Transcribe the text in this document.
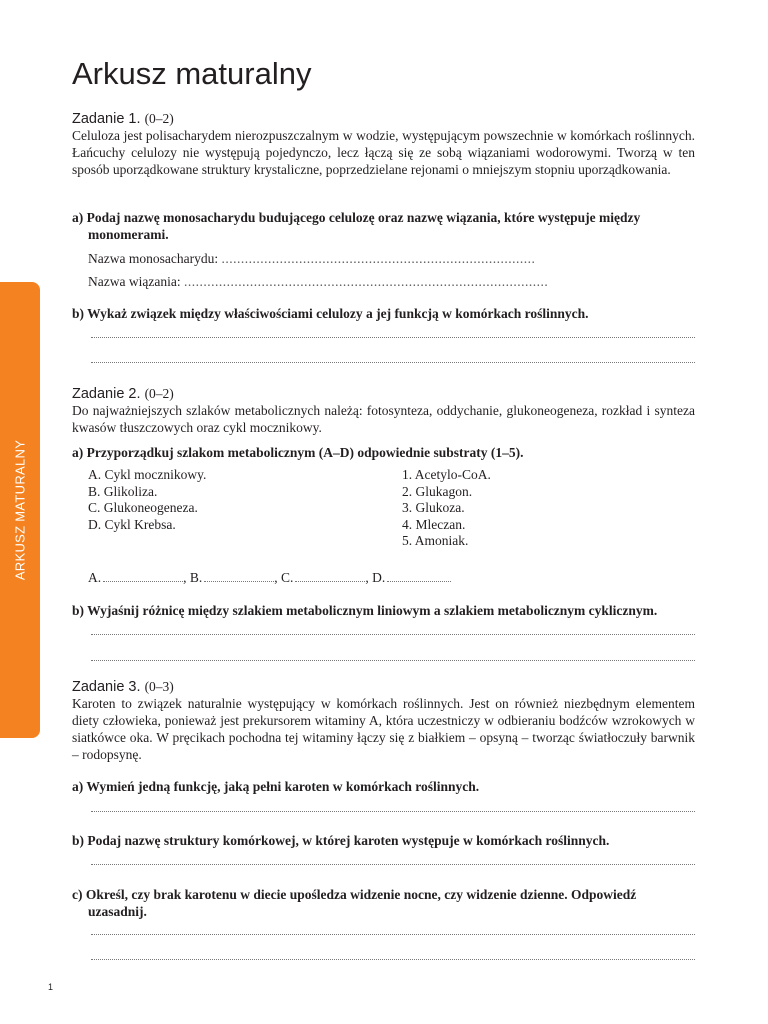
ARKUSZ MATURALNY
Arkusz maturalny
Zadanie 1. (0–2)

Celuloza jest polisacharydem nierozpuszczalnym w wodzie, występującym powszechnie w komórkach roślinnych. Łańcuchy celulozy nie występują pojedynczo, lecz łączą się ze sobą wiązaniami wodorowymi. Tworzą w ten sposób uporządkowane struktury krystaliczne, poprzedzielane rejonami o mniejszym stopniu uporządkowania.

a) Podaj nazwę monosacharydu budującego celulozę oraz nazwę wiązania, które występuje między
monomerami.
Nazwa monosacharydu: .................................................................................
Nazwa wiązania: ..............................................................................................
b) Wykaż związek między właściwościami celulozy a jej funkcją w komórkach roślinnych.
Zadanie 2. (0–2)

Do najważniejszych szlaków metabolicznych należą: fotosynteza, oddychanie, glukoneogeneza, rozkład i synteza kwasów tłuszczowych oraz cykl mocznikowy.

a) Przyporządkuj szlakom metabolicznym (A–D) odpowiednie substraty (1–5).
A. Cykl mocznikowy.
B. Glikoliza.
C. Glukoneogeneza.
D. Cykl Krebsa.
1. Acetylo-CoA.
2. Glukagon.
3. Glukoza.
4. Mleczan.
5. Amoniak.
A.	, B.	, C.	, D.
b) Wyjaśnij różnicę między szlakiem metabolicznym liniowym a szlakiem metabolicznym cyklicznym.
Zadanie 3. (0–3)

Karoten to związek naturalnie występujący w komórkach roślinnych. Jest on również niezbędnym elementem diety człowieka, ponieważ jest prekursorem witaminy A, która uczestniczy w odbieraniu bodźców wzrokowych w siatkówce oka. W pręcikach pochodna tej witaminy łączy się z białkiem – opsyną – tworząc światłoczuły barwnik – rodopsynę.

a) Wymień jedną funkcję, jaką pełni karoten w komórkach roślinnych.
b) Podaj nazwę struktury komórkowej, w której karoten występuje w komórkach roślinnych.
c) Określ, czy brak karotenu w diecie upośledza widzenie nocne, czy widzenie dzienne. Odpowiedź
uzasadnij.
1
